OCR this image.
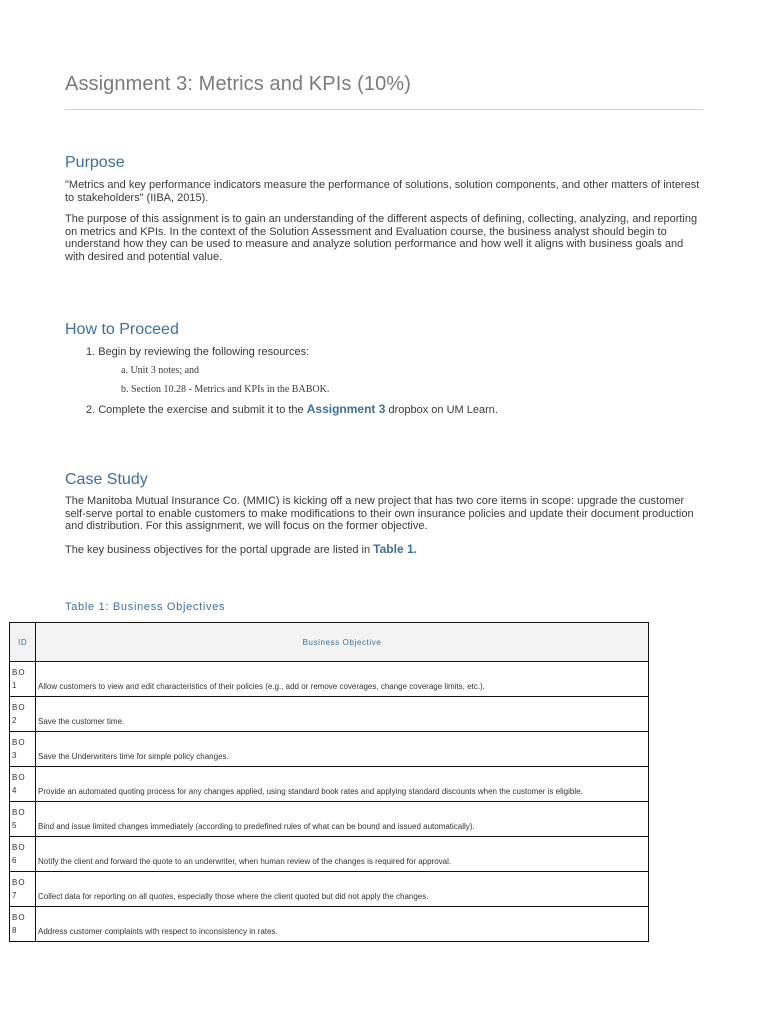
Assignment 3: Metrics and KPIs (10%)
Purpose

"Metrics and key performance indicators measure the performance of solutions, solution components, and other matters of interest to stakeholders" (IIBA, 2015).

The purpose of this assignment is to gain an understanding of the different aspects of defining, collecting, analyzing, and reporting on metrics and KPIs. In the context of the Solution Assessment and Evaluation course, the business analyst should begin to understand how they can be used to measure and analyze solution performance and how well it aligns with business goals and with desired and potential value.

How to Proceed

1. Begin by reviewing the following resources:

a. Unit 3 notes; and

b. Section 10.28 - Metrics and KPIs in the BABOK.

2. Complete the exercise and submit it to the Assignment 3 dropbox on UM Learn.

Case Study

The Manitoba Mutual Insurance Co. (MMIC) is kicking off a new project that has two core items in scope: upgrade the customer self-serve portal to enable customers to make modifications to their own insurance policies and update their document production and distribution. For this assignment, we will focus on the former objective.

The key business objectives for the portal upgrade are listed in Table 1.

Table 1: Business Objectives

ID	Business Objective
BO 1	Allow customers to view and edit characteristics of their policies (e.g., add or remove coverages, change coverage limits, etc.).
BO 2	Save the customer time.
BO 3	Save the Underwriters time for simple policy changes.
BO 4	Provide an automated quoting process for any changes applied, using standard book rates and applying standard discounts when the customer is eligible.
BO 5	Bind and issue limited changes immediately (according to predefined rules of what can be bound and issued automatically).
BO 6	Notify the client and forward the quote to an underwriter, when human review of the changes is required for approval.
BO 7	Collect data for reporting on all quotes, especially those where the client quoted but did not apply the changes.
BO 8	Address customer complaints with respect to inconsistency in rates.
